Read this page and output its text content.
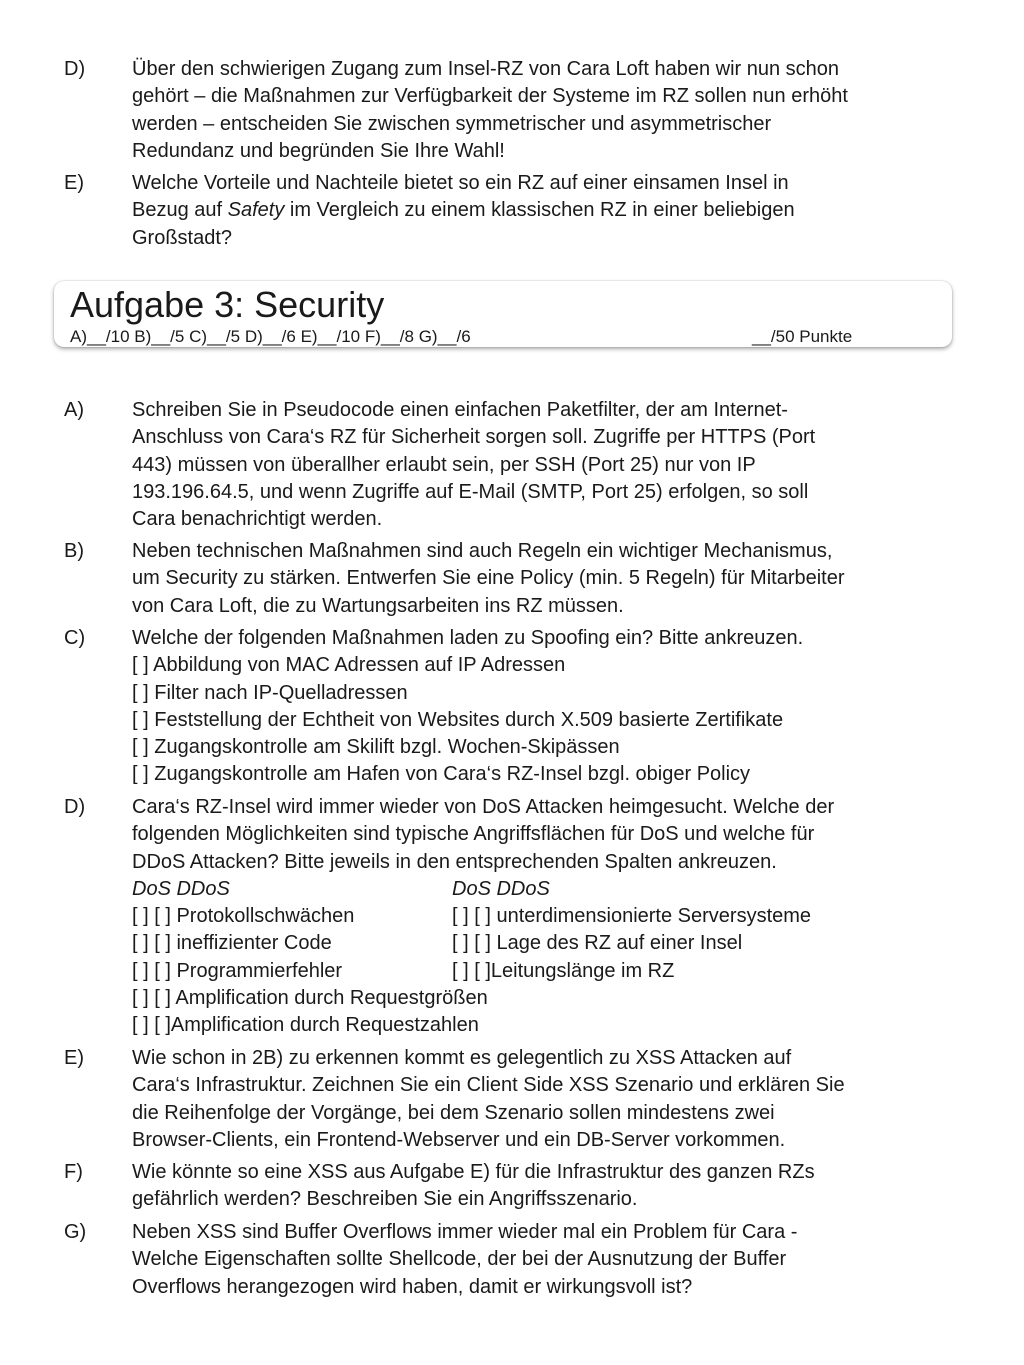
D) Über den schwierigen Zugang zum Insel-RZ von Cara Loft haben wir nun schon
gehört – die Maßnahmen zur Verfügbarkeit der Systeme im RZ sollen nun erhöht
werden – entscheiden Sie zwischen symmetrischer und asymmetrischer
Redundanz und begründen Sie Ihre Wahl!
E) Welche Vorteile und Nachteile bietet so ein RZ auf einer einsamen Insel in
Bezug auf Safety im Vergleich zu einem klassischen RZ in einer beliebigen
Großstadt?
Aufgabe 3: Security
A)__/10 B)__/5 C)__/5 D)__/6 E)__/10 F)__/8 G)__/6	__/50 Punkte
A) Schreiben Sie in Pseudocode einen einfachen Paketfilter, der am Internet-
Anschluss von Cara‘s RZ für Sicherheit sorgen soll. Zugriffe per HTTPS (Port
443) müssen von überallher erlaubt sein, per SSH (Port 25) nur von IP
193.196.64.5, und wenn Zugriffe auf E-Mail (SMTP, Port 25) erfolgen, so soll
Cara benachrichtigt werden.
B) Neben technischen Maßnahmen sind auch Regeln ein wichtiger Mechanismus,
um Security zu stärken. Entwerfen Sie eine Policy (min. 5 Regeln) für Mitarbeiter
von Cara Loft, die zu Wartungsarbeiten ins RZ müssen.
C) Welche der folgenden Maßnahmen laden zu Spoofing ein? Bitte ankreuzen.
[ ] Abbildung von MAC Adressen auf IP Adressen
[ ] Filter nach IP-Quelladressen
[ ] Feststellung der Echtheit von Websites durch X.509 basierte Zertifikate
[ ] Zugangskontrolle am Skilift bzgl. Wochen-Skipässen
[ ] Zugangskontrolle am Hafen von Cara‘s RZ-Insel bzgl. obiger Policy
D) Cara‘s RZ-Insel wird immer wieder von DoS Attacken heimgesucht. Welche der
folgenden Möglichkeiten sind typische Angriffsflächen für DoS und welche für
DDoS Attacken? Bitte jeweils in den entsprechenden Spalten ankreuzen.
DoS DDoS	DoS DDoS
[ ] [ ] Protokollschwächen	[ ] [ ] unterdimensionierte Serversysteme
[ ] [ ] ineffizienter Code	[ ] [ ] Lage des RZ auf einer Insel
[ ] [ ] Programmierfehler	[ ] [ ]Leitungslänge im RZ
[ ] [ ] Amplification durch Requestgrößen
[ ] [ ]Amplification durch Requestzahlen
E) Wie schon in 2B) zu erkennen kommt es gelegentlich zu XSS Attacken auf
Cara‘s Infrastruktur. Zeichnen Sie ein Client Side XSS Szenario und erklären Sie
die Reihenfolge der Vorgänge, bei dem Szenario sollen mindestens zwei
Browser-Clients, ein Frontend-Webserver und ein DB-Server vorkommen.
F) Wie könnte so eine XSS aus Aufgabe E) für die Infrastruktur des ganzen RZs
gefährlich werden? Beschreiben Sie ein Angriffsszenario.
G) Neben XSS sind Buffer Overflows immer wieder mal ein Problem für Cara -
Welche Eigenschaften sollte Shellcode, der bei der Ausnutzung der Buffer
Overflows herangezogen wird haben, damit er wirkungsvoll ist?
